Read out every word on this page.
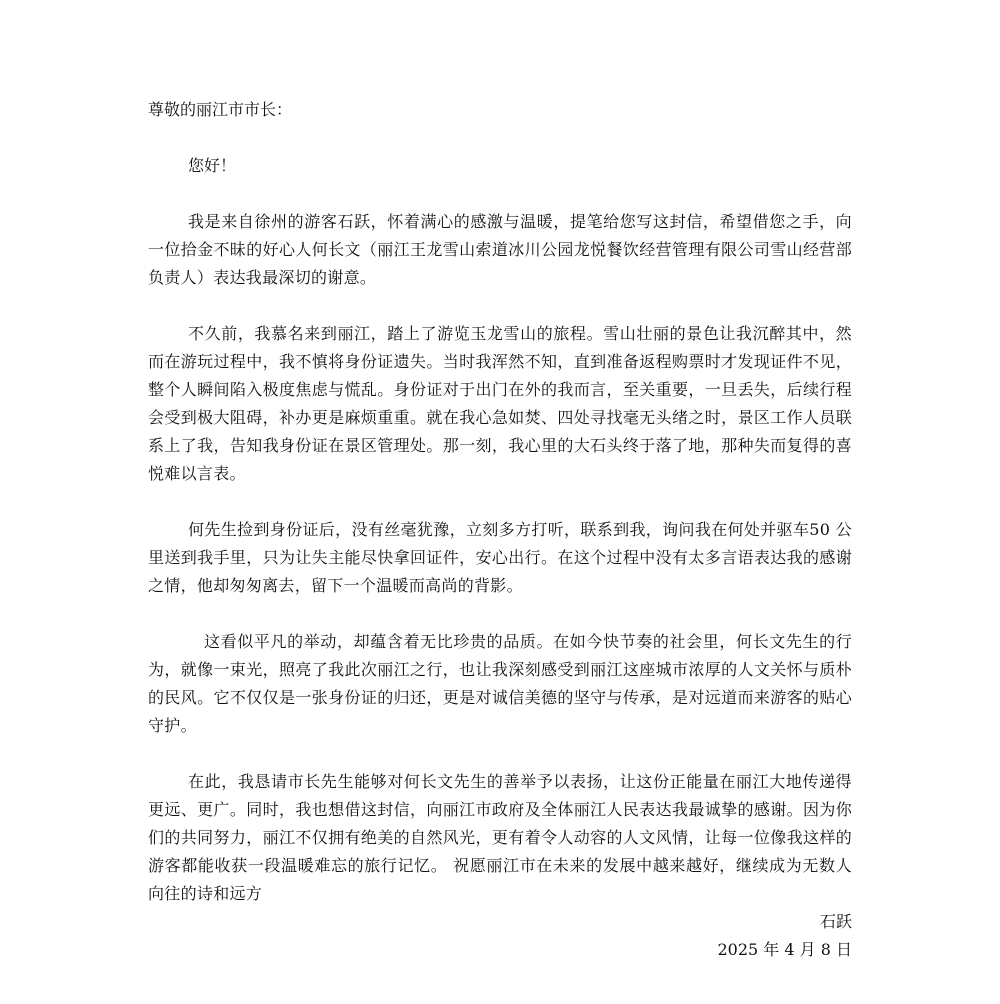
尊敬的丽江市市长：

您好！

我是来自徐州的游客石跃，怀着满心的感激与温暖，提笔给您写这封信，希望借您之手，向一位拾金不昧的好心人何长文（丽江王龙雪山索道冰川公园龙悦餐饮经营管理有限公司雪山经营部 负责人）表达我最深切的谢意。

不久前，我慕名来到丽江，踏上了游览玉龙雪山的旅程。雪山壮丽的景色让我沉醉其中，然而在游玩过程中，我不慎将身份证遗失。当时我浑然不知，直到准备返程购票时才发现证件不见，整个人瞬间陷入极度焦虑与慌乱。身份证对于出门在外的我而言，至关重要，一旦丢失，后续行程会受到极大阻碍，补办更是麻烦重重。就在我心急如焚、四处寻找毫无头绪之时，景区工作人员联系上了我，告知我身份证在景区管理处。那一刻，我心里的大石头终于落了地，那种失而复得的喜悦难以言表。

何先生捡到身份证后，没有丝毫犹豫，立刻多方打听，联系到我，询问我在何处并驱车50 公里送到我手里，只为让失主能尽快拿回证件，安心出行。在这个过程中没有太多言语表达我的感谢之情，他却匆匆离去，留下一个温暖而高尚的背影。

这看似平凡的举动，却蕴含着无比珍贵的品质。在如今快节奏的社会里，何长文先生的行为，就像一束光，照亮了我此次丽江之行，也让我深刻感受到丽江这座城市浓厚的人文关怀与质朴的民风。它不仅仅是一张身份证的归还，更是对诚信美德的坚守与传承，是对远道而来游客的贴心守护。

在此，我恳请市长先生能够对何长文先生的善举予以表扬，让这份正能量在丽江大地传递得更远、更广。同时，我也想借这封信，向丽江市政府及全体丽江人民表达我最诚挚的感谢。因为你们的共同努力，丽江不仅拥有绝美的自然风光，更有着令人动容的人文风情，让每一位像我这样的游客都能收获一段温暖难忘的旅行记忆。 祝愿丽江市在未来的发展中越来越好，继续成为无数人向往的诗和远方

石跃

2025 年 4 月 8 日
